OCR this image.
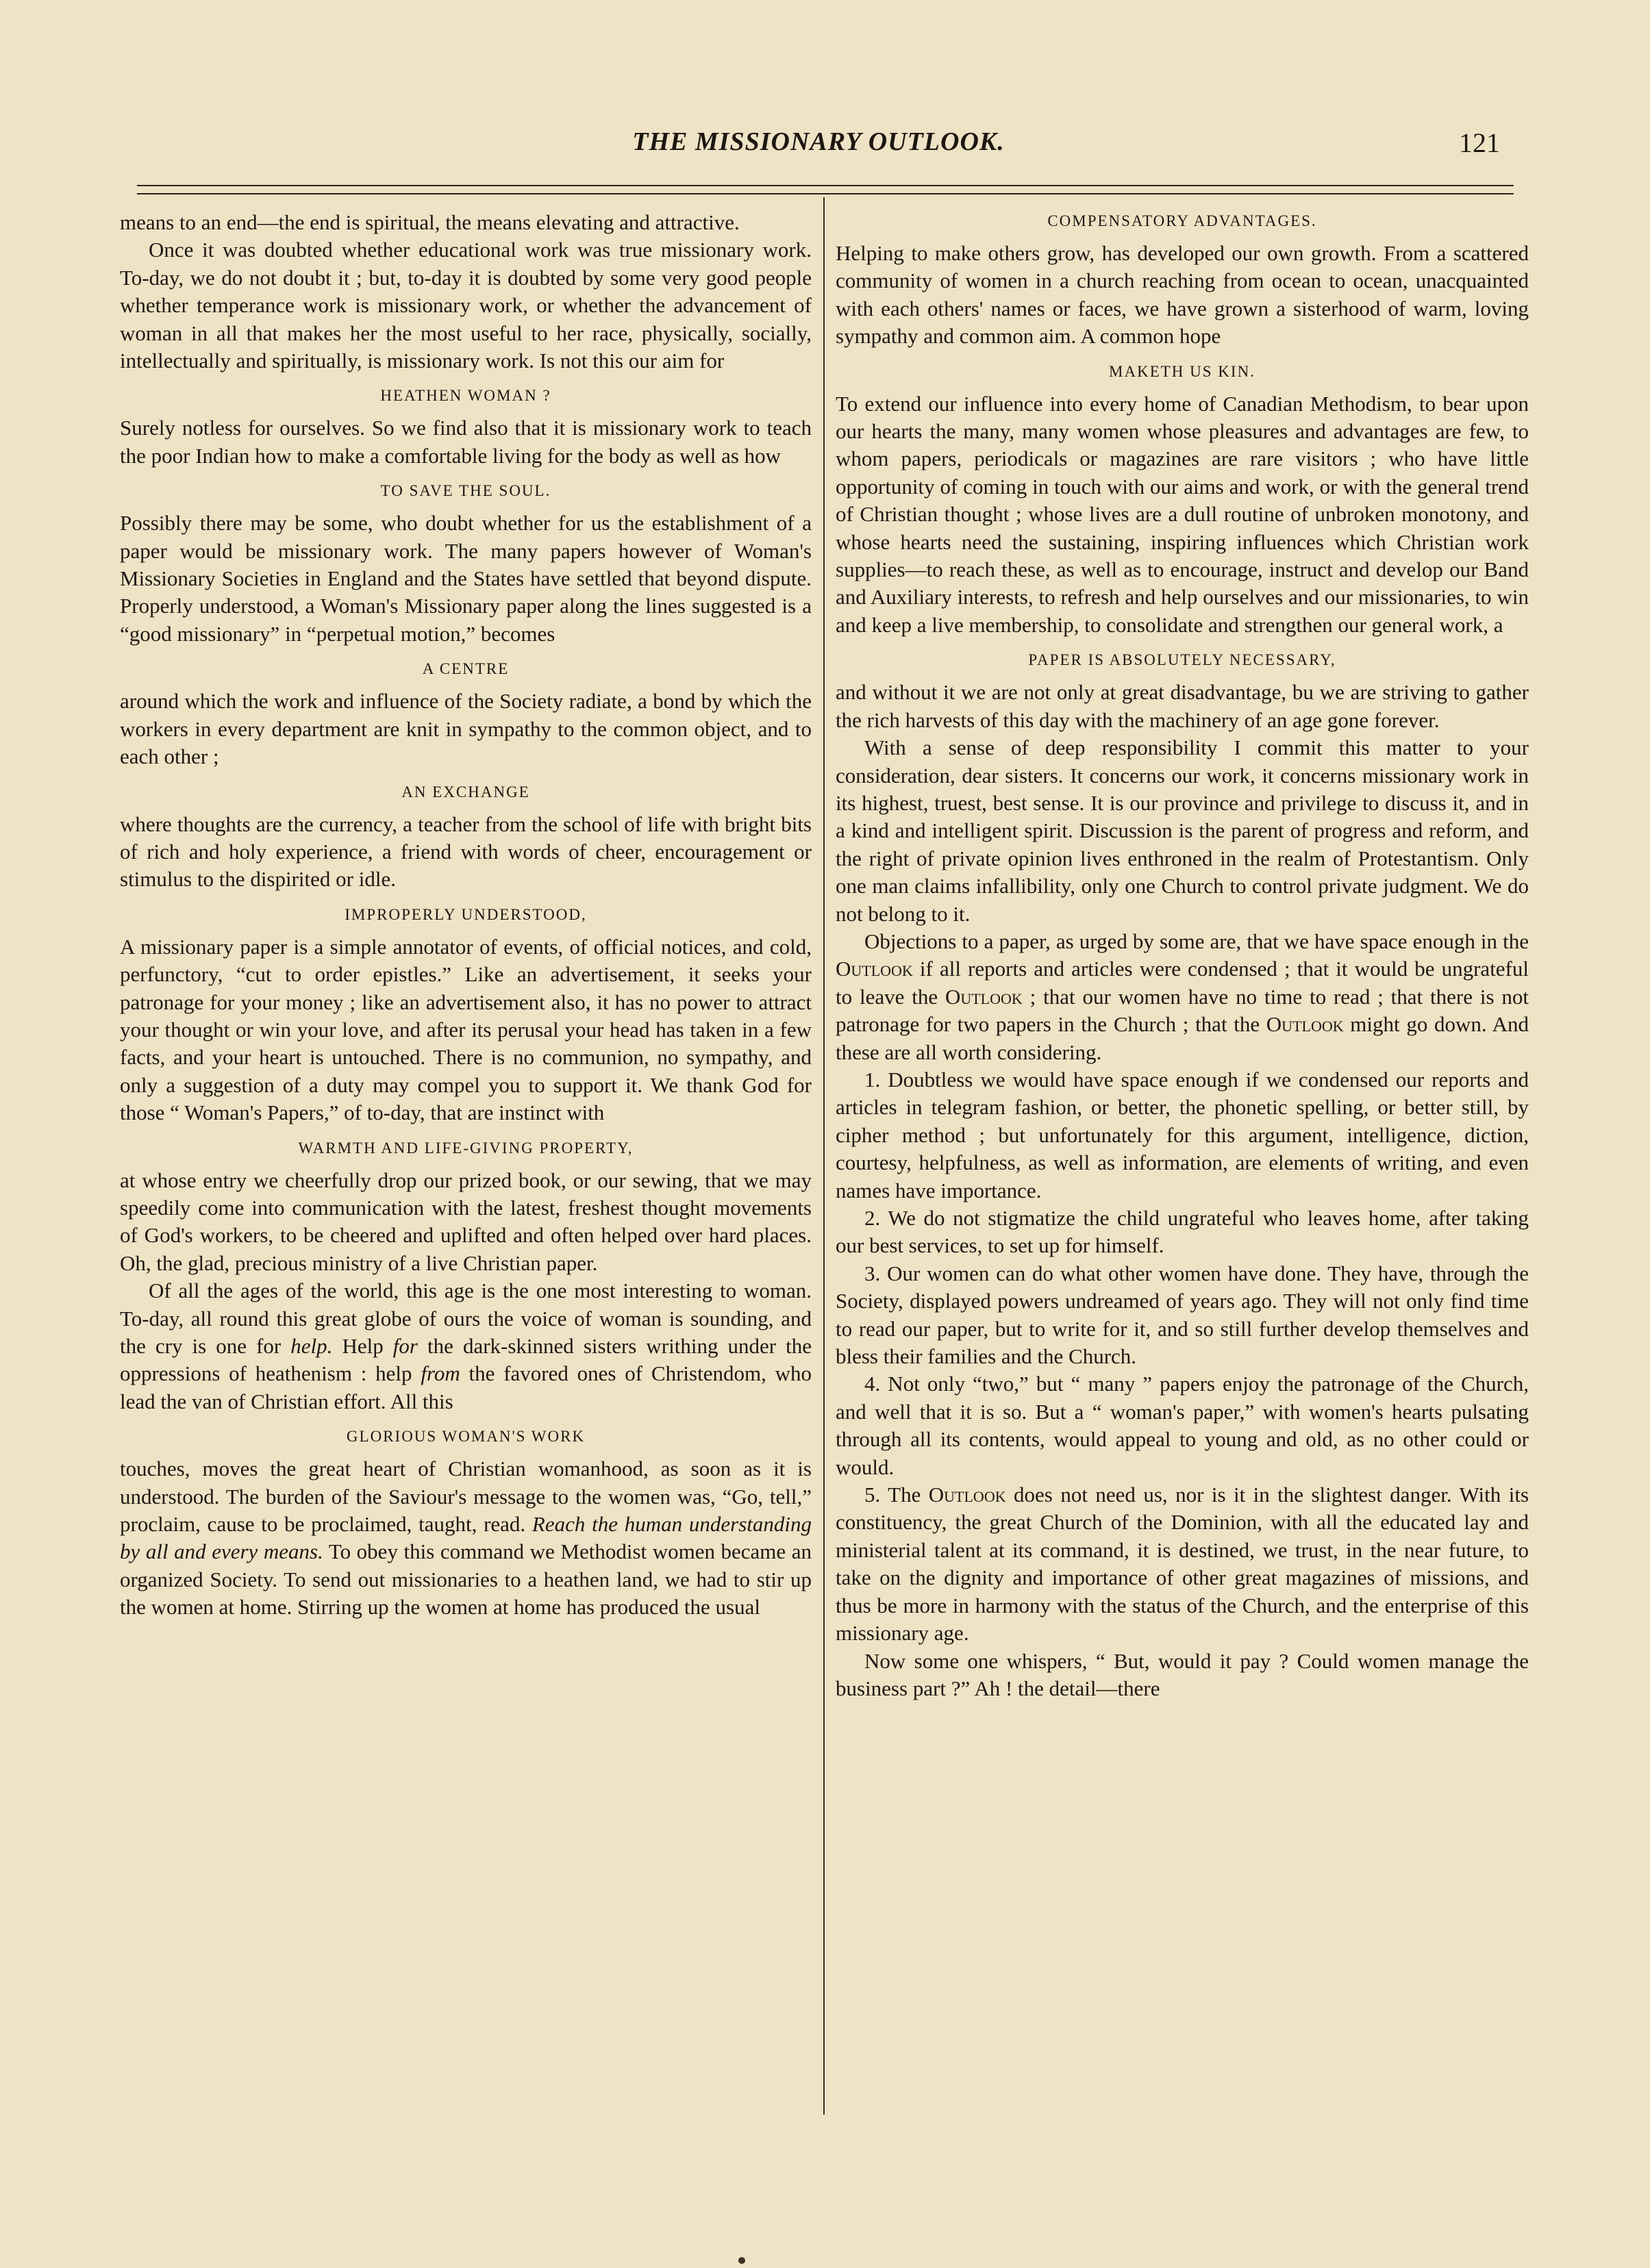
THE MISSIONARY OUTLOOK.	121

means to an end—the end is spiritual, the means elevating and attractive.

Once it was doubted whether educational work was true missionary work. To-day, we do not doubt it ; but, to-day it is doubted by some very good people whether temperance work is missionary work, or whether the advancement of woman in all that makes her the most useful to her race, physically, socially, intellectually and spiritually, is missionary work. Is not this our aim for

HEATHEN WOMAN ?

Surely notless for ourselves. So we find also that it is missionary work to teach the poor Indian how to make a comfortable living for the body as well as how

TO SAVE THE SOUL.

Possibly there may be some, who doubt whether for us the establishment of a paper would be missionary work. The many papers however of Woman's Missionary Societies in England and the States have settled that beyond dispute. Properly understood, a Woman's Missionary paper along the lines suggested is a “good missionary” in “perpetual motion,” becomes

A CENTRE

around which the work and influence of the Society radiate, a bond by which the workers in every department are knit in sympathy to the common object, and to each other ;

AN EXCHANGE

where thoughts are the currency, a teacher from the school of life with bright bits of rich and holy experience, a friend with words of cheer, encouragement or stimulus to the dispirited or idle.

IMPROPERLY UNDERSTOOD,

A missionary paper is a simple annotator of events, of official notices, and cold, perfunctory, “cut to order epistles.” Like an advertisement, it seeks your patronage for your money ; like an advertisement also, it has no power to attract your thought or win your love, and after its perusal your head has taken in a few facts, and your heart is untouched. There is no communion, no sympathy, and only a suggestion of a duty may compel you to support it. We thank God for those “ Woman's Papers,” of to-day, that are instinct with

WARMTH AND LIFE-GIVING PROPERTY,

at whose entry we cheerfully drop our prized book, or our sewing, that we may speedily come into communication with the latest, freshest thought movements of God's workers, to be cheered and uplifted and often helped over hard places. Oh, the glad, precious ministry of a live Christian paper.

Of all the ages of the world, this age is the one most interesting to woman. To-day, all round this great globe of ours the voice of woman is sounding, and the cry is one for help. Help for the dark-skinned sisters writhing under the oppressions of heathenism : help from the favored ones of Christendom, who lead the van of Christian effort. All this

GLORIOUS WOMAN'S WORK

touches, moves the great heart of Christian womanhood, as soon as it is understood. The burden of the Saviour's message to the women was, “Go, tell,” proclaim, cause to be proclaimed, taught, read. Reach the human understanding by all and every means. To obey this command we Methodist women became an organized Society. To send out missionaries to a heathen land, we had to stir up the women at home. Stirring up the women at home has produced the usual

COMPENSATORY ADVANTAGES.

Helping to make others grow, has developed our own growth. From a scattered community of women in a church reaching from ocean to ocean, unacquainted with each others' names or faces, we have grown a sisterhood of warm, loving sympathy and common aim. A common hope

MAKETH US KIN.

To extend our influence into every home of Canadian Methodism, to bear upon our hearts the many, many women whose pleasures and advantages are few, to whom papers, periodicals or magazines are rare visitors ; who have little opportunity of coming in touch with our aims and work, or with the general trend of Christian thought ; whose lives are a dull routine of unbroken monotony, and whose hearts need the sustaining, inspiring influences which Christian work supplies—to reach these, as well as to encourage, instruct and develop our Band and Auxiliary interests, to refresh and help ourselves and our missionaries, to win and keep a live membership, to consolidate and strengthen our general work, a

PAPER IS ABSOLUTELY NECESSARY,

and without it we are not only at great disadvantage, bu we are striving to gather the rich harvests of this day with the machinery of an age gone forever.

With a sense of deep responsibility I commit this matter to your consideration, dear sisters. It concerns our work, it concerns missionary work in its highest, truest, best sense. It is our province and privilege to discuss it, and in a kind and intelligent spirit. Discussion is the parent of progress and reform, and the right of private opinion lives enthroned in the realm of Protestantism. Only one man claims infallibility, only one Church to control private judgment. We do not belong to it.

Objections to a paper, as urged by some are, that we have space enough in the Outlook if all reports and articles were condensed ; that it would be ungrateful to leave the Outlook ; that our women have no time to read ; that there is not patronage for two papers in the Church ; that the Outlook might go down. And these are all worth considering.

1. Doubtless we would have space enough if we condensed our reports and articles in telegram fashion, or better, the phonetic spelling, or better still, by cipher method ; but unfortunately for this argument, intelligence, diction, courtesy, helpfulness, as well as information, are elements of writing, and even names have importance.

2. We do not stigmatize the child ungrateful who leaves home, after taking our best services, to set up for himself.

3. Our women can do what other women have done. They have, through the Society, displayed powers undreamed of years ago. They will not only find time to read our paper, but to write for it, and so still further develop themselves and bless their families and the Church.

4. Not only “two,” but “ many ” papers enjoy the patronage of the Church, and well that it is so. But a “ woman's paper,” with women's hearts pulsating through all its contents, would appeal to young and old, as no other could or would.

5. The Outlook does not need us, nor is it in the slightest danger. With its constituency, the great Church of the Dominion, with all the educated lay and ministerial talent at its command, it is destined, we trust, in the near future, to take on the dignity and importance of other great magazines of missions, and thus be more in harmony with the status of the Church, and the enterprise of this missionary age.

Now some one whispers, “ But, would it pay ? Could women manage the business part ?” Ah ! the detail—there
